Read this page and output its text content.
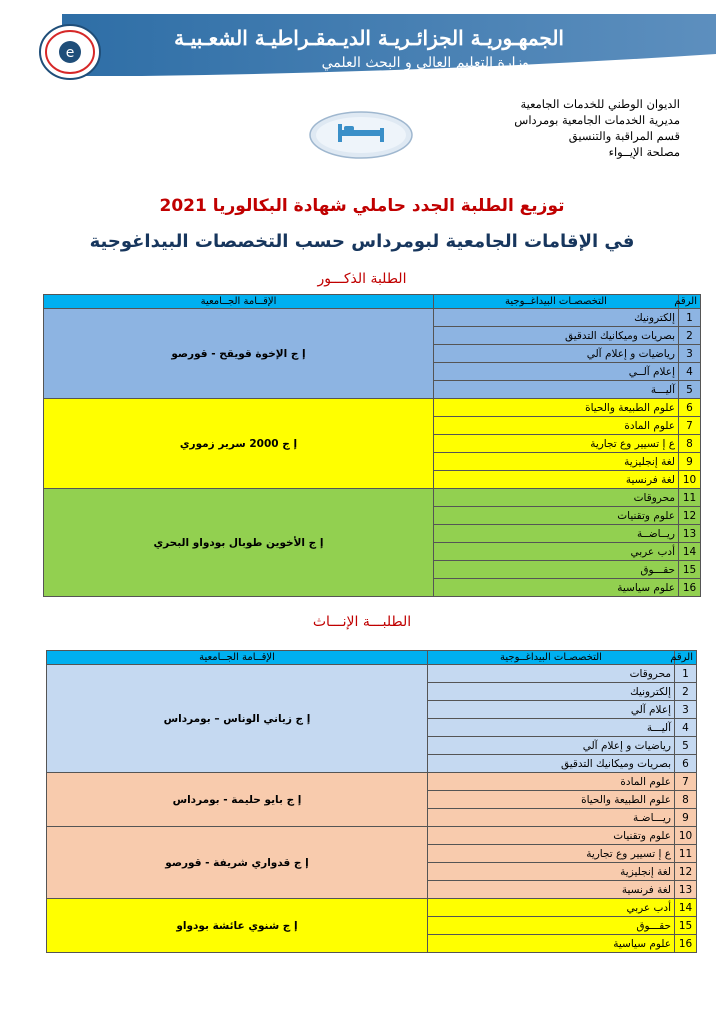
e
الجمهـوريـة الجزائـريـة الديـمقـراطيـة الشعـبيـة
وزارة التعليم العالي و البحث العلمي
الديوان الوطني للخدمات الجامعية
مديرية الخدمات الجامعية بومرداس
قسم المراقبة والتنسيق
مصلحة الإيــواء
توزيع الطلبة الجدد حاملي شهادة البكالوريا 2021
في الإقامات الجامعية لبومرداس حسب التخصصات البيداغوجية
الطلبة الذكـــور
الرقم	التخصصـات البيداغــوجية	الإقــامة الجــامعية
1	إلكترونيك	إ ج الإخوة قويقح - قورصو
2	بصريات وميكانيك التدقيق	
3	رياضيات و إعلام آلي	
4	إعلام آلــي	
5	آليـــة	
6	علوم الطبيعة والحياة	إ ج 2000 سرير زموري
7	علوم المادة	
8	ع إ تسيير وع تجارية	
9	لغة إنجليزية	
10	لغة فرنسية	
11	محروقات	إ ج الأخوين طوبال بودواو البحري
12	علوم وتقنيات	
13	ريــاضــة	
14	أدب عربي	
15	حقـــوق	
16	علوم سياسية	
الطلبـــة الإنـــاث
الرقم	التخصصـات البيداغــوجية	الإقــامة الجــامعية
1	محروقات	إ ج زياني الوناس – بومرداس
2	إلكترونيك	
3	إعلام آلي	
4	آليـــة	
5	رياضيات و إعلام آلي	
6	بصريات وميكانيك التدقيق	
7	علوم المادة	إ ج بايو حليمة - بومرداس
8	علوم الطبيعة والحياة	
9	ريـــاضـة	
10	علوم وتقنيات	إ ج قدواري شريفة - قورصو
11	ع إ تسيير وع تجارية	
12	لغة إنجليزية	
13	لغة فرنسية	
14	أدب عربي	إ ج شنوي عائشة بودواو
15	حقـــوق	
16	علوم سياسية	
